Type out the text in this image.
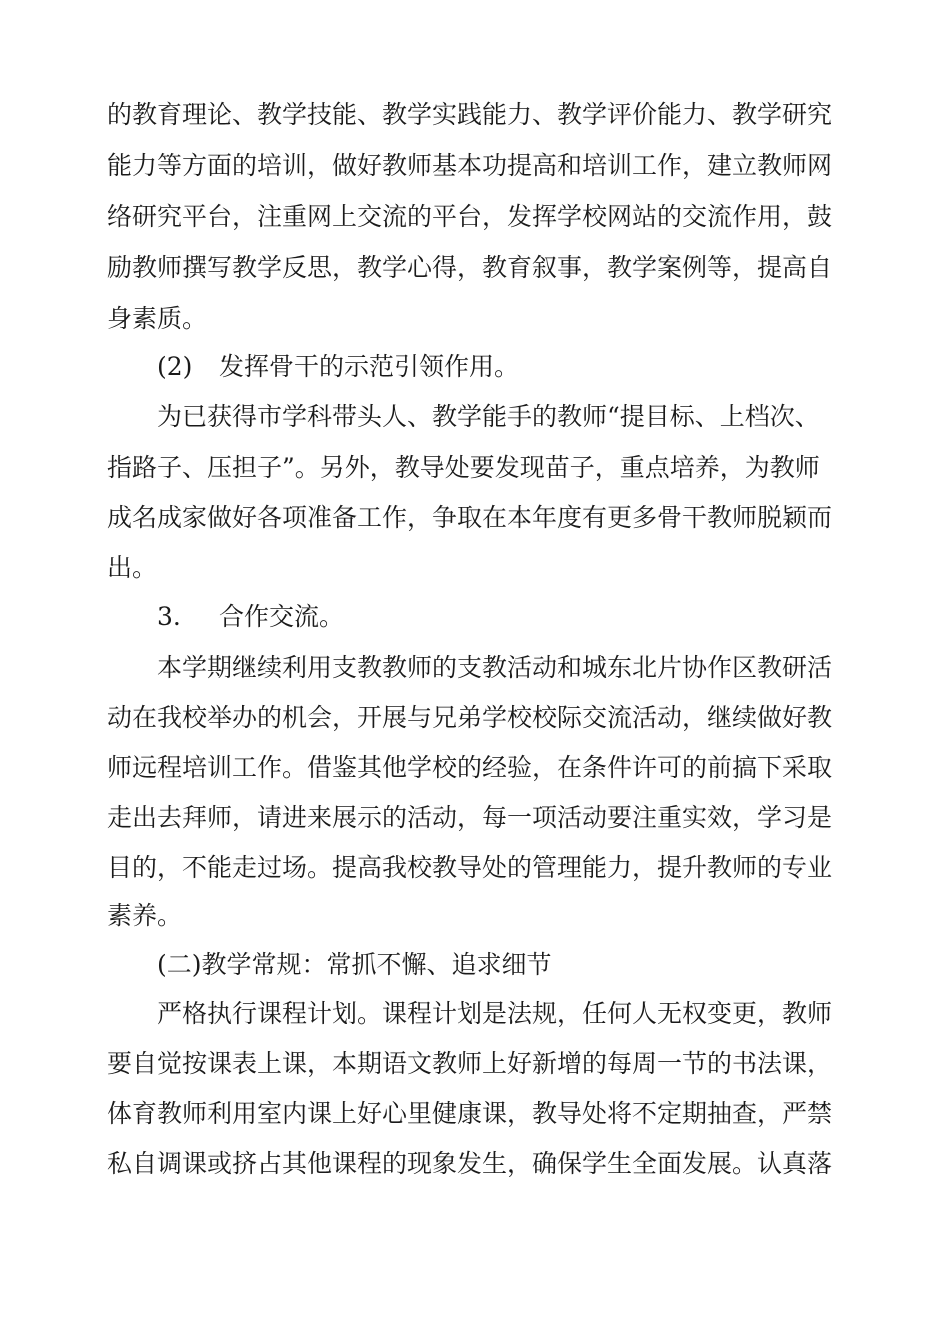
的教育理论、教学技能、教学实践能力、教学评价能力、教学研究
能力等方面的培训，做好教师基本功提高和培训工作，建立教师网
络研究平台，注重网上交流的平台，发挥学校网站的交流作用，鼓
励教师撰写教学反思，教学心得，教育叙事，教学案例等，提高自
身素质。
(2) 发挥骨干的示范引领作用。
为已获得市学科带头人、教学能手的教师“提目标、上档次、
指路子、压担子”。另外，教导处要发现苗子，重点培养，为教师
成名成家做好各项准备工作，争取在本年度有更多骨干教师脱颖而
出。
3. 合作交流。
本学期继续利用支教教师的支教活动和城东北片协作区教研活
动在我校举办的机会，开展与兄弟学校校际交流活动，继续做好教
师远程培训工作。借鉴其他学校的经验，在条件许可的前搞下采取
走出去拜师，请进来展示的活动，每一项活动要注重实效，学习是
目的，不能走过场。提高我校教导处的管理能力，提升教师的专业
素养。
(二)教学常规：常抓不懈、追求细节
严格执行课程计划。课程计划是法规，任何人无权变更，教师
要自觉按课表上课，本期语文教师上好新增的每周一节的书法课，
体育教师利用室内课上好心里健康课，教导处将不定期抽查，严禁
私自调课或挤占其他课程的现象发生，确保学生全面发展。认真落
